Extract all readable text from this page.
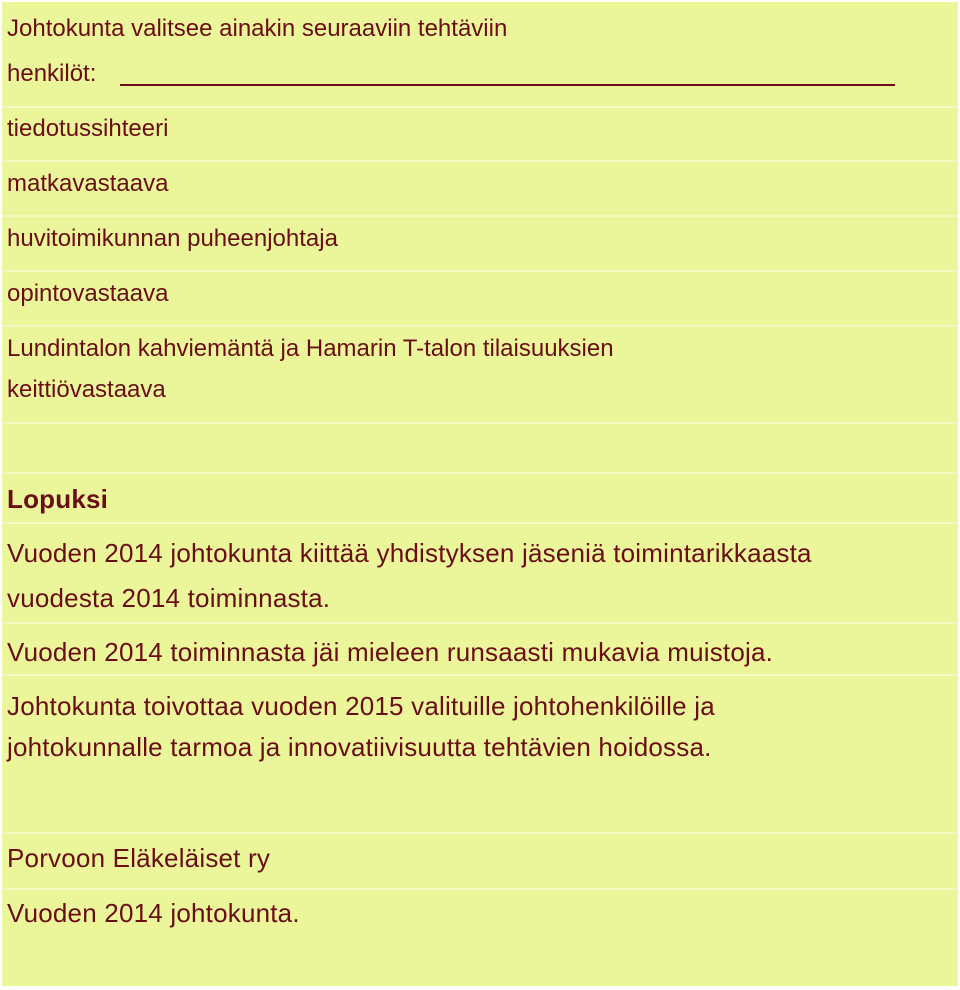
Johtokunta valitsee ainakin seuraaviin tehtäviin
henkilöt:
tiedotussihteeri
matkavastaava
huvitoimikunnan puheenjohtaja
opintovastaava
Lundintalon kahviemäntä ja Hamarin T-talon tilaisuuksien
keittiövastaava
Lopuksi
Vuoden 2014 johtokunta kiittää yhdistyksen jäseniä toimintarikkaasta
vuodesta 2014 toiminnasta.
Vuoden 2014 toiminnasta jäi mieleen runsaasti mukavia muistoja.
Johtokunta toivottaa vuoden 2015 valituille johtohenkilöille ja
johtokunnalle tarmoa ja innovatiivisuutta tehtävien hoidossa.
Porvoon Eläkeläiset ry
Vuoden 2014 johtokunta.
